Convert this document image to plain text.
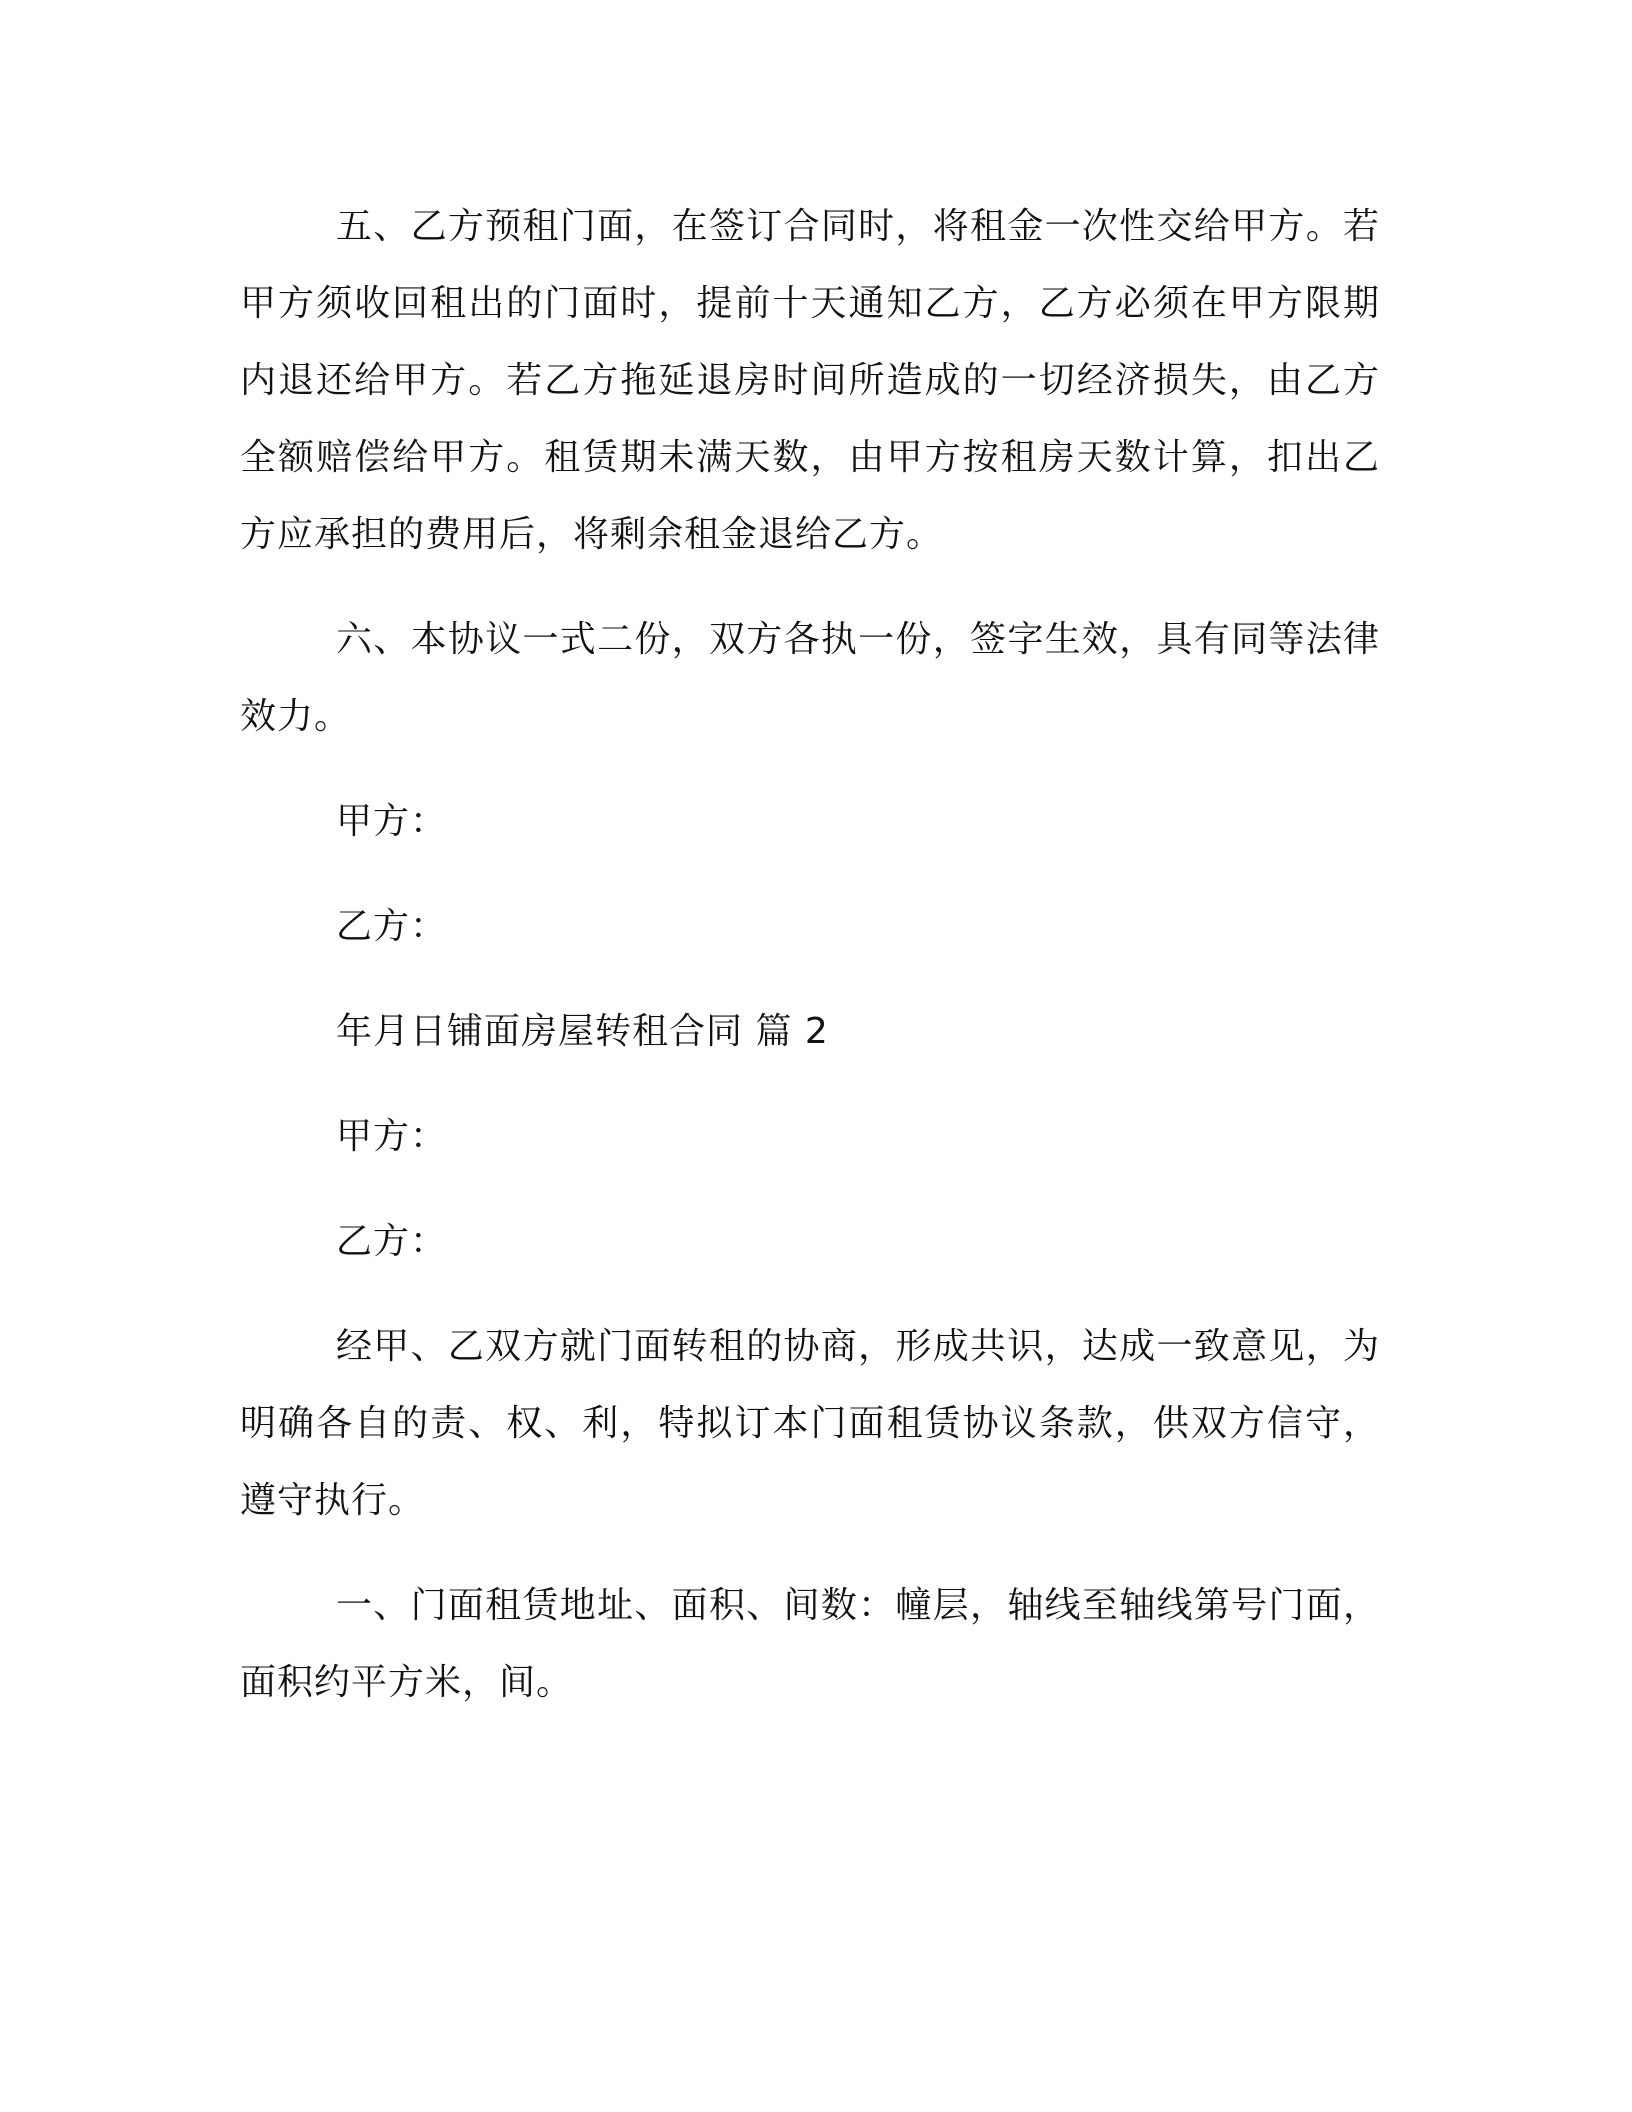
五、乙方预租门面，在签订合同时，将租金一次性交给甲方。若甲方须收回租出的门面时，提前十天通知乙方，乙方必须在甲方限期内退还给甲方。若乙方拖延退房时间所造成的一切经济损失，由乙方全额赔偿给甲方。租赁期未满天数，由甲方按租房天数计算，扣出乙方应承担的费用后，将剩余租金退给乙方。

六、本协议一式二份，双方各执一份，签字生效，具有同等法律效力。

甲方：

乙方：

年月日铺面房屋转租合同 篇 2

甲方：

乙方：

经甲、乙双方就门面转租的协商，形成共识，达成一致意见，为明确各自的责、权、利，特拟订本门面租赁协议条款，供双方信守，遵守执行。

一、门面租赁地址、面积、间数：幢层，轴线至轴线第号门面，面积约平方米，间。
